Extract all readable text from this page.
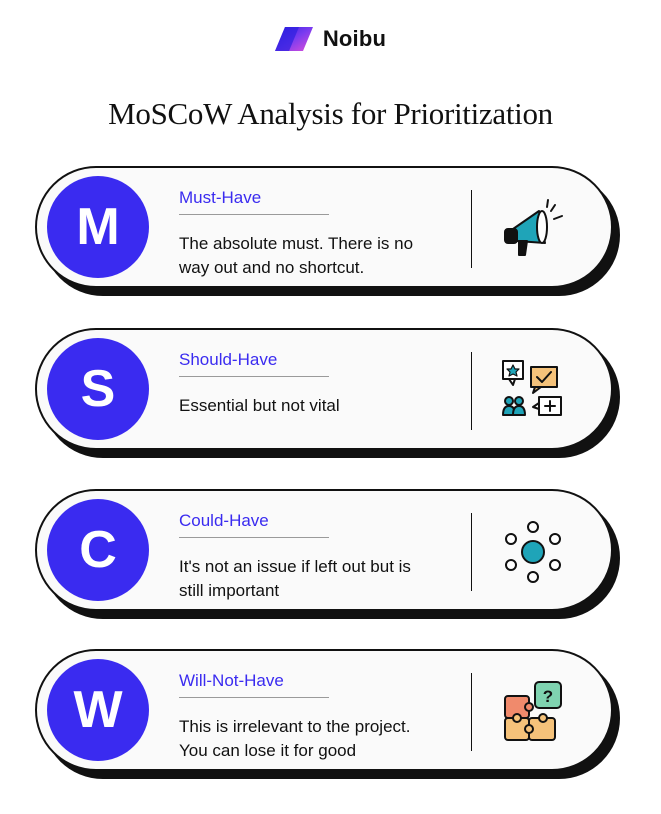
Noibu
MoSCoW Analysis for Prioritization
M
Must-Have
The absolute must. There is no way out and no shortcut.
S
Should-Have
Essential but not vital
C
Could-Have
It's not an issue if left out but is still important
W
Will-Not-Have
This is irrelevant to the project. You can lose it for good
?
